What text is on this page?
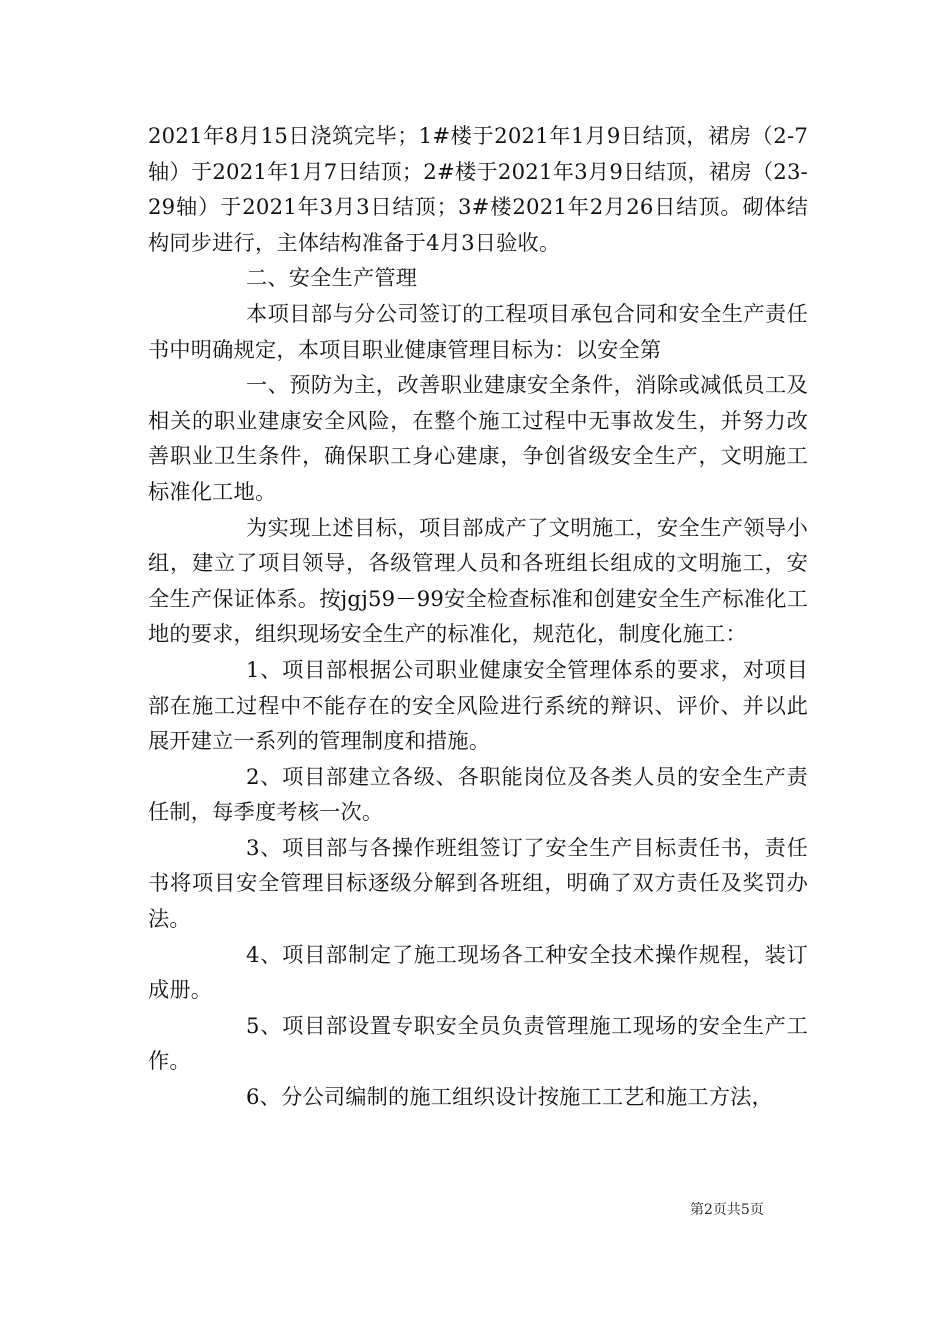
2021年8月15日浇筑完毕；1#楼于2021年1月9日结顶，裙房（2-7轴）于2021年1月7日结顶；2#楼于2021年3月9日结顶，裙房（23-29轴）于2021年3月3日结顶；3#楼2021年2月26日结顶。砌体结构同步进行，主体结构准备于4月3日验收。

二、安全生产管理

本项目部与分公司签订的工程项目承包合同和安全生产责任书中明确规定，本项目职业健康管理目标为：以安全第

一、预防为主，改善职业建康安全条件，消除或减低员工及相关的职业建康安全风险，在整个施工过程中无事故发生，并努力改善职业卫生条件，确保职工身心建康，争创省级安全生产，文明施工标准化工地。

为实现上述目标，项目部成产了文明施工，安全生产领导小组，建立了项目领导，各级管理人员和各班组长组成的文明施工，安全生产保证体系。按jgj59－99安全检查标准和创建安全生产标准化工地的要求，组织现场安全生产的标准化，规范化，制度化施工：

1、项目部根据公司职业健康安全管理体系的要求，对项目部在施工过程中不能存在的安全风险进行系统的辩识、评价、并以此展开建立一系列的管理制度和措施。

2、项目部建立各级、各职能岗位及各类人员的安全生产责任制，每季度考核一次。

3、项目部与各操作班组签订了安全生产目标责任书，责任书将项目安全管理目标逐级分解到各班组，明确了双方责任及奖罚办法。

4、项目部制定了施工现场各工种安全技术操作规程，装订成册。

5、项目部设置专职安全员负责管理施工现场的安全生产工作。

6、分公司编制的施工组织设计按施工工艺和施工方法，

第2页共5页
